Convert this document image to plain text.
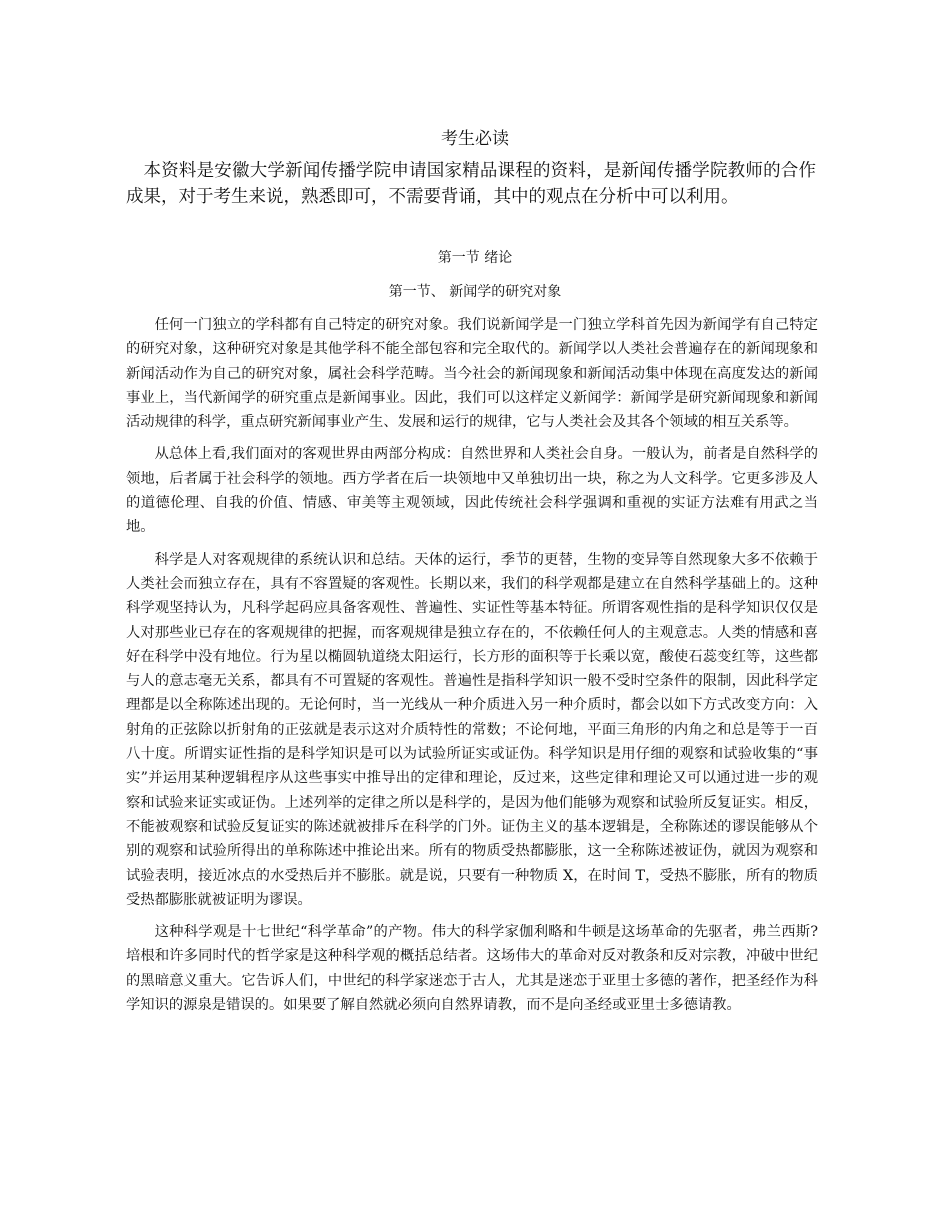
考生必读
本资料是安徽大学新闻传播学院申请国家精品课程的资料，是新闻传播学院教师的合作成果，对于考生来说，熟悉即可，不需要背诵，其中的观点在分析中可以利用。
第一节 绪论
第一节、 新闻学的研究对象

任何一门独立的学科都有自己特定的研究对象。我们说新闻学是一门独立学科首先因为新闻学有自己特定的研究对象，这种研究对象是其他学科不能全部包容和完全取代的。新闻学以人类社会普遍存在的新闻现象和新闻活动作为自己的研究对象，属社会科学范畴。当今社会的新闻现象和新闻活动集中体现在高度发达的新闻事业上，当代新闻学的研究重点是新闻事业。因此，我们可以这样定义新闻学：新闻学是研究新闻现象和新闻活动规律的科学，重点研究新闻事业产生、发展和运行的规律，它与人类社会及其各个领域的相互关系等。

从总体上看,我们面对的客观世界由两部分构成：自然世界和人类社会自身。一般认为，前者是自然科学的领地，后者属于社会科学的领地。西方学者在后一块领地中又单独切出一块，称之为人文科学。它更多涉及人的道德伦理、自我的价值、情感、审美等主观领域，因此传统社会科学强调和重视的实证方法难有用武之当地。

科学是人对客观规律的系统认识和总结。天体的运行，季节的更替，生物的变异等自然现象大多不依赖于人类社会而独立存在，具有不容置疑的客观性。长期以来，我们的科学观都是建立在自然科学基础上的。这种科学观坚持认为，凡科学起码应具备客观性、普遍性、实证性等基本特征。所谓客观性指的是科学知识仅仅是人对那些业已存在的客观规律的把握，而客观规律是独立存在的，不依赖任何人的主观意志。人类的情感和喜好在科学中没有地位。行为星以椭圆轨道绕太阳运行，长方形的面积等于长乘以宽，酸使石蕊变红等，这些都与人的意志毫无关系，都具有不可置疑的客观性。普遍性是指科学知识一般不受时空条件的限制，因此科学定理都是以全称陈述出现的。无论何时，当一光线从一种介质进入另一种介质时，都会以如下方式改变方向：入射角的正弦除以折射角的正弦就是表示这对介质特性的常数；不论何地，平面三角形的内角之和总是等于一百八十度。所谓实证性指的是科学知识是可以为试验所证实或证伪。科学知识是用仔细的观察和试验收集的“事实”并运用某种逻辑程序从这些事实中推导出的定律和理论，反过来，这些定律和理论又可以通过进一步的观察和试验来证实或证伪。上述列举的定律之所以是科学的，是因为他们能够为观察和试验所反复证实。相反，不能被观察和试验反复证实的陈述就被排斥在科学的门外。证伪主义的基本逻辑是，全称陈述的谬误能够从个别的观察和试验所得出的单称陈述中推论出来。所有的物质受热都膨胀，这一全称陈述被证伪，就因为观察和试验表明，接近冰点的水受热后并不膨胀。就是说，只要有一种物质 X，在时间 T，受热不膨胀，所有的物质受热都膨胀就被证明为谬误。

这种科学观是十七世纪“科学革命”的产物。伟大的科学家伽利略和牛顿是这场革命的先驱者，弗兰西斯?培根和许多同时代的哲学家是这种科学观的概括总结者。这场伟大的革命对反对教条和反对宗教，冲破中世纪的黑暗意义重大。它告诉人们，中世纪的科学家迷恋于古人，尤其是迷恋于亚里士多德的著作，把圣经作为科学知识的源泉是错误的。如果要了解自然就必须向自然界请教，而不是向圣经或亚里士多德请教。
